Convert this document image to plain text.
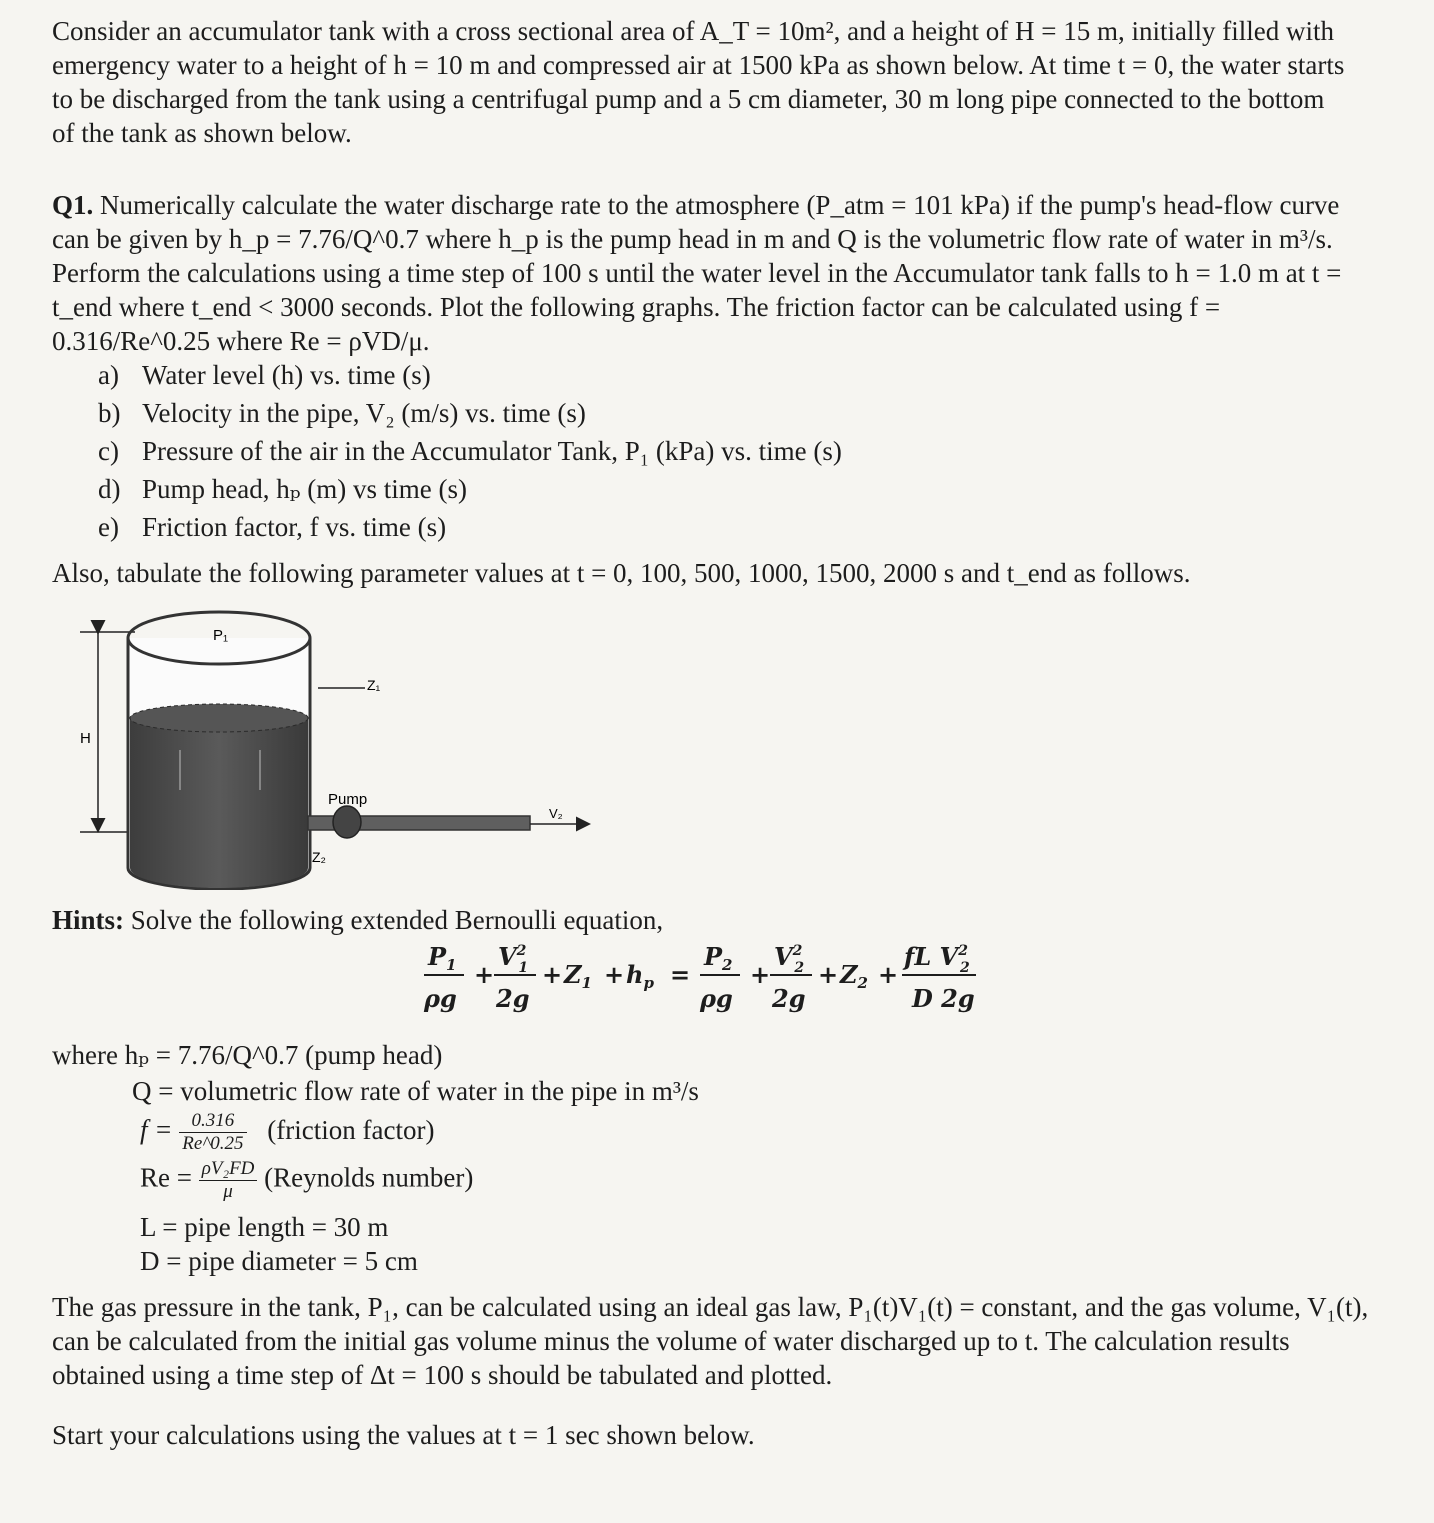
Consider an accumulator tank with a cross sectional area of A_T = 10m², and a height of H = 15 m, initially filled with emergency water to a height of h = 10 m and compressed air at 1500 kPa as shown below. At time t = 0, the water starts to be discharged from the tank using a centrifugal pump and a 5 cm diameter, 30 m long pipe connected to the bottom of the tank as shown below.

Q1. Numerically calculate the water discharge rate to the atmosphere (P_atm = 101 kPa) if the pump's head-flow curve can be given by h_p = 7.76/Q^0.7 where h_p is the pump head in m and Q is the volumetric flow rate of water in m³/s. Perform the calculations using a time step of 100 s until the water level in the Accumulator tank falls to h = 1.0 m at t = t_end where t_end < 3000 seconds. Plot the following graphs. The friction factor can be calculated using f = 0.316/Re^0.25 where Re = ρVD/μ.

a) Water level (h) vs. time (s)
b) Velocity in the pipe, V₂ (m/s) vs. time (s)
c) Pressure of the air in the Accumulator Tank, P₁ (kPa) vs. time (s)
d) Pump head, hₚ (m) vs time (s)
e) Friction factor, f vs. time (s)

Also, tabulate the following parameter values at t = 0, 100, 500, 1000, 1500, 2000 s and t_end as follows.

H
P₁
Z₁
Pump
Z₂
V₂

Hints: Solve the following extended Bernoulli equation,

$P_1$
ρg
+
$V^2$ 1
2g
+ $Z_1 + h_p$ =
$P_2$
ρg
+
$V^2$ 2
2g
+ $Z_2$ +
fL $V^2$ 2
D 2g
where hₚ = 7.76/Q^0.7 (pump head)
Q = volumetric flow rate of water in the pipe in m³/s
$f = \frac{0.316}{Re\^{}0.25}$ (friction factor)
$Re = \frac{\text{ρV₂FD}}{\mu}$ (Reynolds number)
L = pipe length = 30 m
D = pipe diameter = 5 cm

The gas pressure in the tank, P₁, can be calculated using an ideal gas law, P₁(t)V₁(t) = constant, and the gas volume, V₁(t), can be calculated from the initial gas volume minus the volume of water discharged up to t. The calculation results obtained using a time step of Δt = 100 s should be tabulated and plotted.

Start your calculations using the values at t = 1 sec shown below.
